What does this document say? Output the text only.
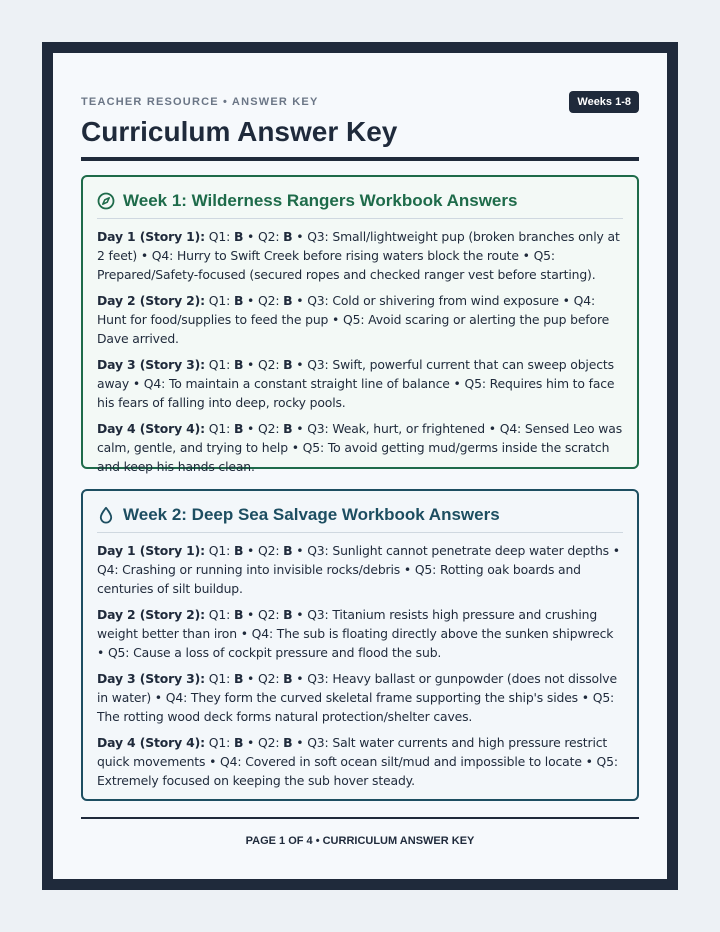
TEACHER RESOURCE • ANSWER KEY	Weeks 1-8
Curriculum Answer Key
Week 1: Wilderness Rangers Workbook Answers

Day 1 (Story 1): Q1: B • Q2: B • Q3: Small/lightweight pup (broken branches only at 2 feet) • Q4: Hurry to Swift Creek before rising waters block the route • Q5: Prepared/Safety-focused (secured ropes and checked ranger vest before starting).

Day 2 (Story 2): Q1: B • Q2: B • Q3: Cold or shivering from wind exposure • Q4: Hunt for food/supplies to feed the pup • Q5: Avoid scaring or alerting the pup before Dave arrived.

Day 3 (Story 3): Q1: B • Q2: B • Q3: Swift, powerful current that can sweep objects away • Q4: To maintain a constant straight line of balance • Q5: Requires him to face his fears of falling into deep, rocky pools.

Day 4 (Story 4): Q1: B • Q2: B • Q3: Weak, hurt, or frightened • Q4: Sensed Leo was calm, gentle, and trying to help • Q5: To avoid getting mud/germs inside the scratch and keep his hands clean.

Week 2: Deep Sea Salvage Workbook Answers

Day 1 (Story 1): Q1: B • Q2: B • Q3: Sunlight cannot penetrate deep water depths • Q4: Crashing or running into invisible rocks/debris • Q5: Rotting oak boards and centuries of silt buildup.

Day 2 (Story 2): Q1: B • Q2: B • Q3: Titanium resists high pressure and crushing weight better than iron • Q4: The sub is floating directly above the sunken shipwreck • Q5: Cause a loss of cockpit pressure and flood the sub.

Day 3 (Story 3): Q1: B • Q2: B • Q3: Heavy ballast or gunpowder (does not dissolve in water) • Q4: They form the curved skeletal frame supporting the ship's sides • Q5: The rotting wood deck forms natural protection/shelter caves.

Day 4 (Story 4): Q1: B • Q2: B • Q3: Salt water currents and high pressure restrict quick movements • Q4: Covered in soft ocean silt/mud and impossible to locate • Q5: Extremely focused on keeping the sub hover steady.

PAGE 1 OF 4 • CURRICULUM ANSWER KEY
